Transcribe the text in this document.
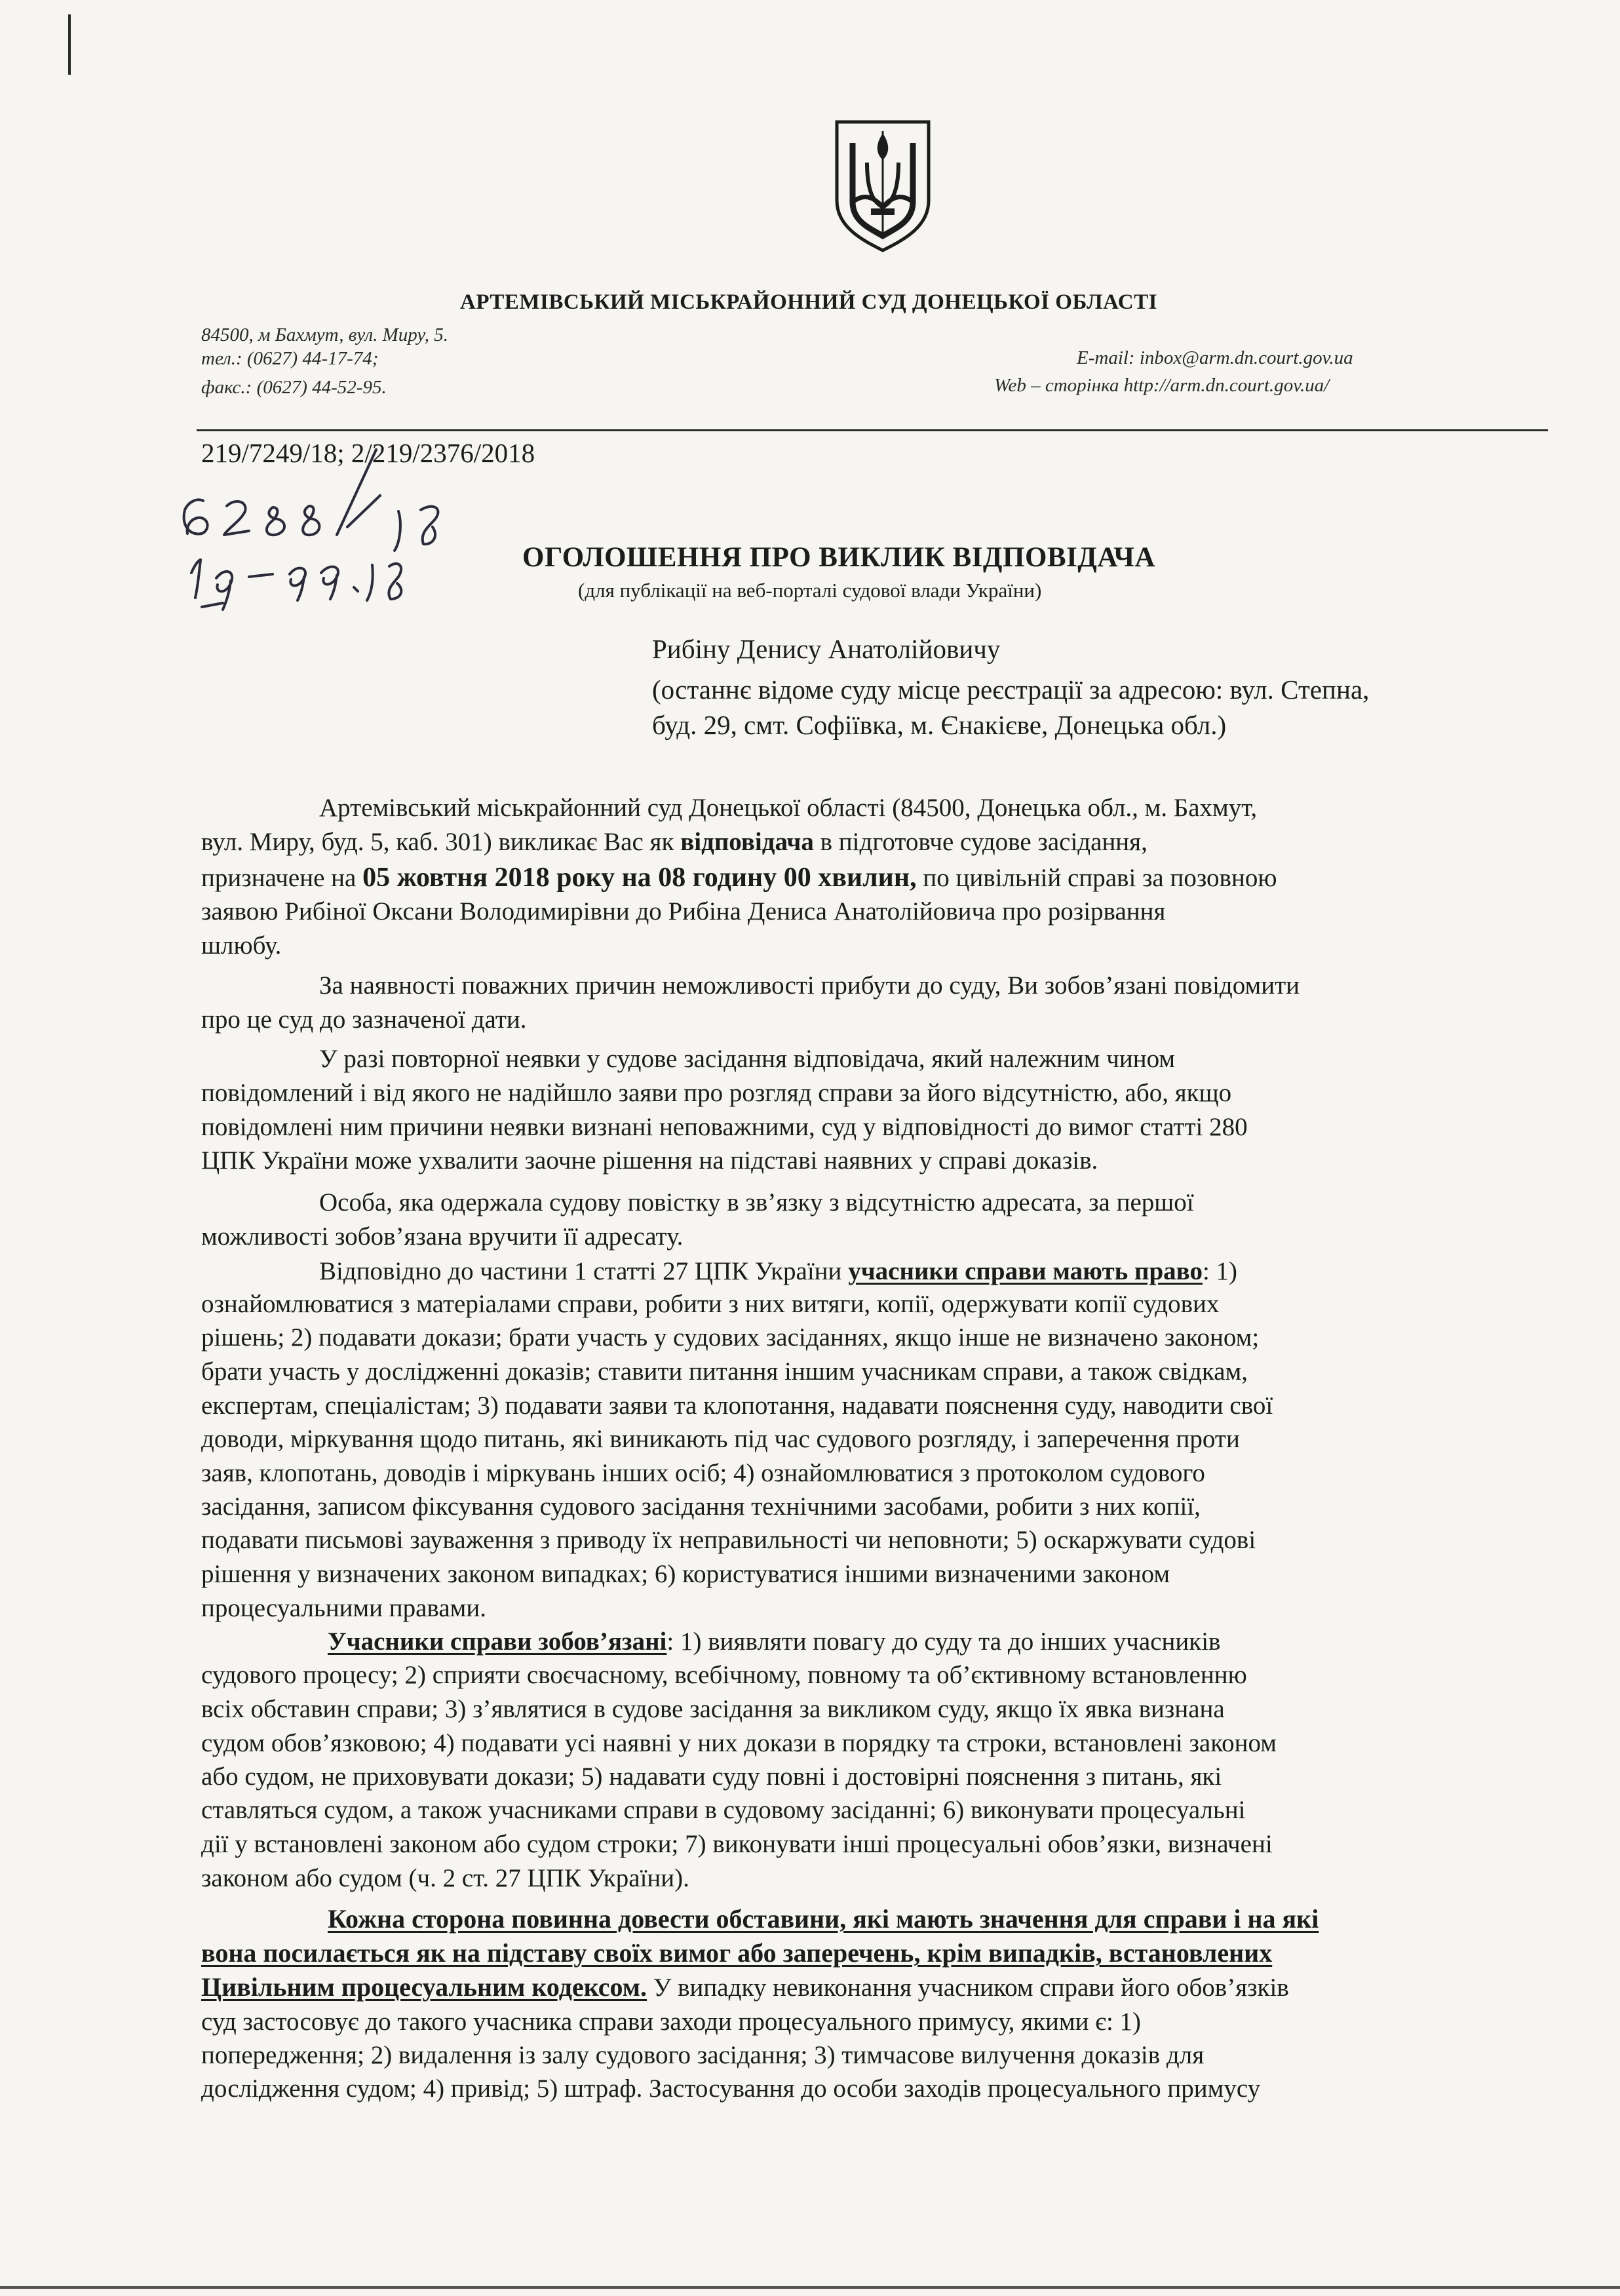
АРТЕМІВСЬКИЙ МІСЬКРАЙОННИЙ СУД ДОНЕЦЬКОЇ ОБЛАСТІ
84500, м Бахмут, вул. Миру, 5.
тел.: (0627) 44-17-74;
факс.: (0627) 44-52-95.
E-mail: inbox@arm.dn.court.gov.ua
Web – сторінка http://arm.dn.court.gov.ua/
219/7249/18; 2/219/2376/2018
ОГОЛОШЕННЯ ПРО ВИКЛИК ВІДПОВІДАЧА
(для публікації на веб-порталі судової влади України)
Рибіну Денису Анатолійовичу
(останнє відоме суду місце реєстрації за адресою: вул. Степна,
буд. 29, смт. Софіївка, м. Єнакієве, Донецька обл.)
Артемівський міськрайонний суд Донецької області (84500, Донецька обл., м. Бахмут,
вул. Миру, буд. 5, каб. 301) викликає Вас як відповідача в підготовче судове засідання,
призначене на 05 жовтня 2018 року на 08 годину 00 хвилин, по цивільній справі за позовною
заявою Рибіної Оксани Володимирівни до Рибіна Дениса Анатолійовича про розірвання
шлюбу.
За наявності поважних причин неможливості прибути до суду, Ви зобов’язані повідомити
про це суд до зазначеної дати.
У разі повторної неявки у судове засідання відповідача, який належним чином
повідомлений і від якого не надійшло заяви про розгляд справи за його відсутністю, або, якщо
повідомлені ним причини неявки визнані неповажними, суд у відповідності до вимог статті 280
ЦПК України може ухвалити заочне рішення на підставі наявних у справі доказів.
Особа, яка одержала судову повістку в зв’язку з відсутністю адресата, за першої
можливості зобов’язана вручити її адресату.
Відповідно до частини 1 статті 27 ЦПК України учасники справи мають право: 1)
ознайомлюватися з матеріалами справи, робити з них витяги, копії, одержувати копії судових
рішень; 2) подавати докази; брати участь у судових засіданнях, якщо інше не визначено законом;
брати участь у дослідженні доказів; ставити питання іншим учасникам справи, а також свідкам,
експертам, спеціалістам; 3) подавати заяви та клопотання, надавати пояснення суду, наводити свої
доводи, міркування щодо питань, які виникають під час судового розгляду, і заперечення проти
заяв, клопотань, доводів і міркувань інших осіб; 4) ознайомлюватися з протоколом судового
засідання, записом фіксування судового засідання технічними засобами, робити з них копії,
подавати письмові зауваження з приводу їх неправильності чи неповноти; 5) оскаржувати судові
рішення у визначених законом випадках; 6) користуватися іншими визначеними законом
процесуальними правами.
Учасники справи зобов’язані: 1) виявляти повагу до суду та до інших учасників
судового процесу; 2) сприяти своєчасному, всебічному, повному та об’єктивному встановленню
всіх обставин справи; 3) з’являтися в судове засідання за викликом суду, якщо їх явка визнана
судом обов’язковою; 4) подавати усі наявні у них докази в порядку та строки, встановлені законом
або судом, не приховувати докази; 5) надавати суду повні і достовірні пояснення з питань, які
ставляться судом, а також учасниками справи в судовому засіданні; 6) виконувати процесуальні
дії у встановлені законом або судом строки; 7) виконувати інші процесуальні обов’язки, визначені
законом або судом (ч. 2 ст. 27 ЦПК України).
Кожна сторона повинна довести обставини, які мають значення для справи і на які
вона посилається як на підставу своїх вимог або заперечень, крім випадків, встановлених
Цивільним процесуальним кодексом. У випадку невиконання учасником справи його обов’язків
суд застосовує до такого учасника справи заходи процесуального примусу, якими є: 1)
попередження; 2) видалення із залу судового засідання; 3) тимчасове вилучення доказів для
дослідження судом; 4) привід; 5) штраф. Застосування до особи заходів процесуального примусу
